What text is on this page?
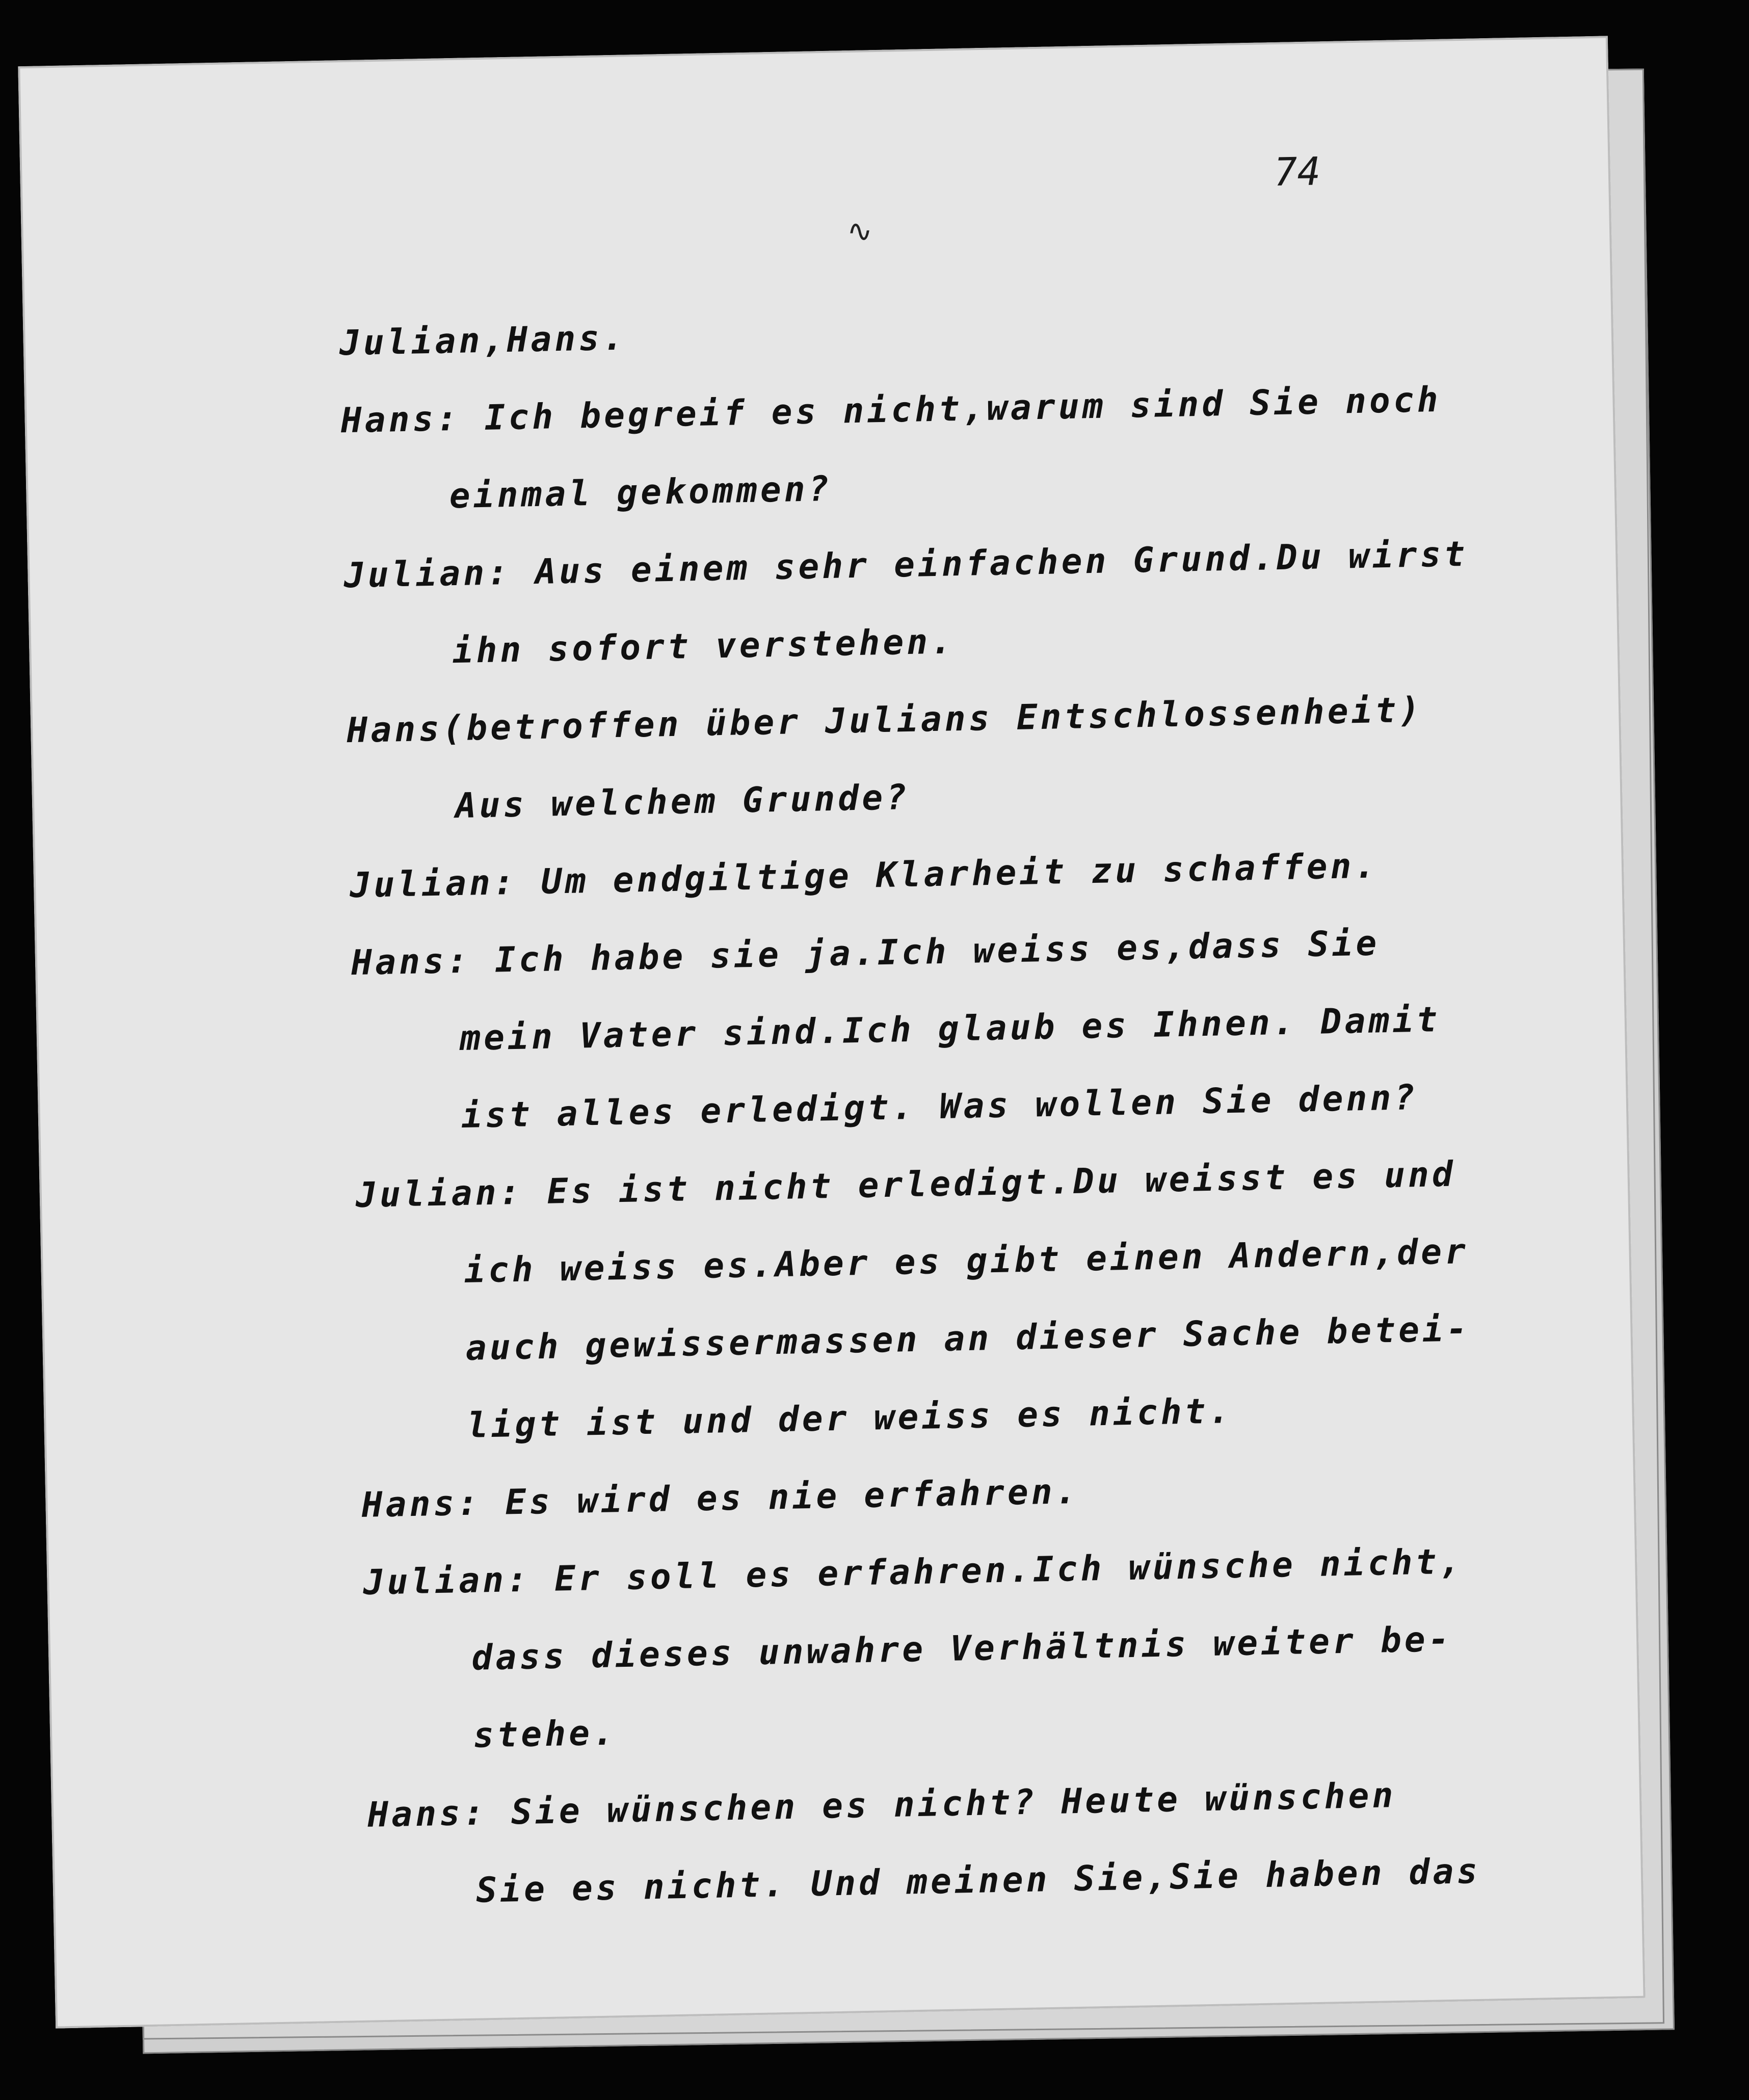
74
∿
Julian,Hans.
Hans: Ich begreif es nicht,warum sind Sie noch
einmal gekommen?
Julian: Aus einem sehr einfachen Grund.Du wirst
ihn sofort verstehen.
Hans(betroffen über Julians Entschlossenheit)
Aus welchem Grunde?
Julian: Um endgiltige Klarheit zu schaffen.
Hans: Ich habe sie ja.Ich weiss es,dass Sie
mein Vater sind.Ich glaub es Ihnen. Damit
ist alles erledigt. Was wollen Sie denn?
Julian: Es ist nicht erledigt.Du weisst es und
ich weiss es.Aber es gibt einen Andern,der
auch gewissermassen an dieser Sache betei-
ligt ist und der weiss es nicht.
Hans: Es wird es nie erfahren.
Julian: Er soll es erfahren.Ich wünsche nicht,
dass dieses unwahre Verhältnis weiter be-
stehe.
Hans: Sie wünschen es nicht? Heute wünschen
Sie es nicht. Und meinen Sie,Sie haben das
